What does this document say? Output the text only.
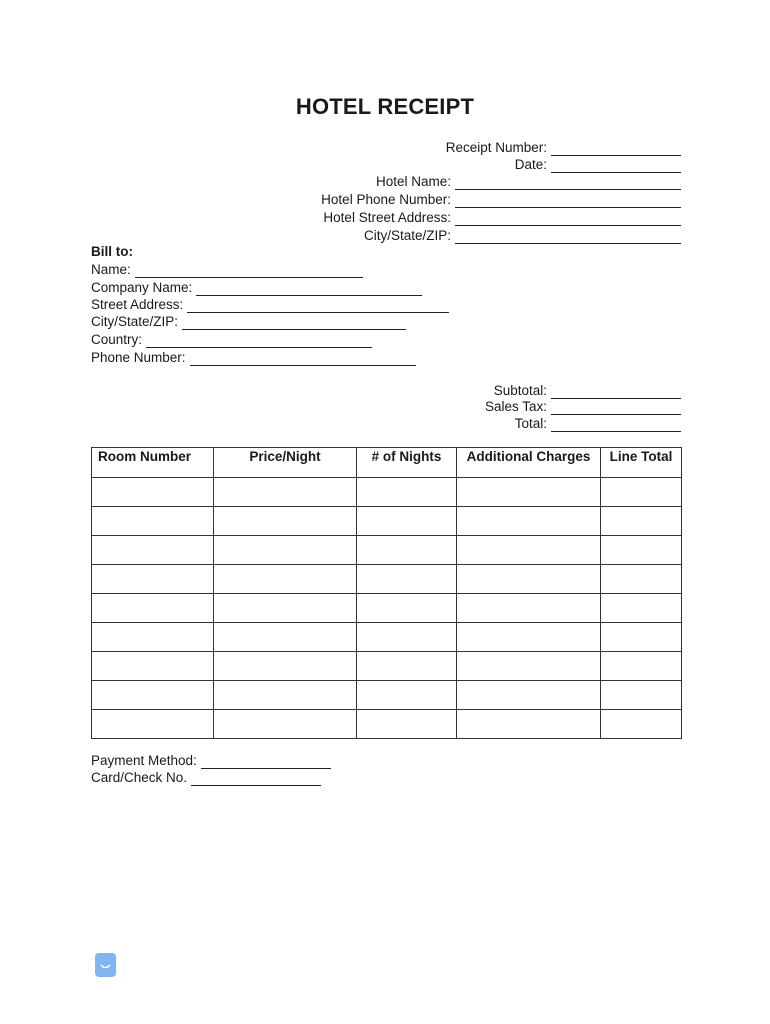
HOTEL RECEIPT
Receipt Number:
Date:
Hotel Name:
Hotel Phone Number:
Hotel Street Address:
City/State/ZIP:
Bill to:
Name:
Company Name:
Street Address:
City/State/ZIP:
Country:
Phone Number:
Subtotal:
Sales Tax:
Total:
Room Number	Price/Night	# of Nights	Additional Charges	Line Total

Payment Method:
Card/Check No.
